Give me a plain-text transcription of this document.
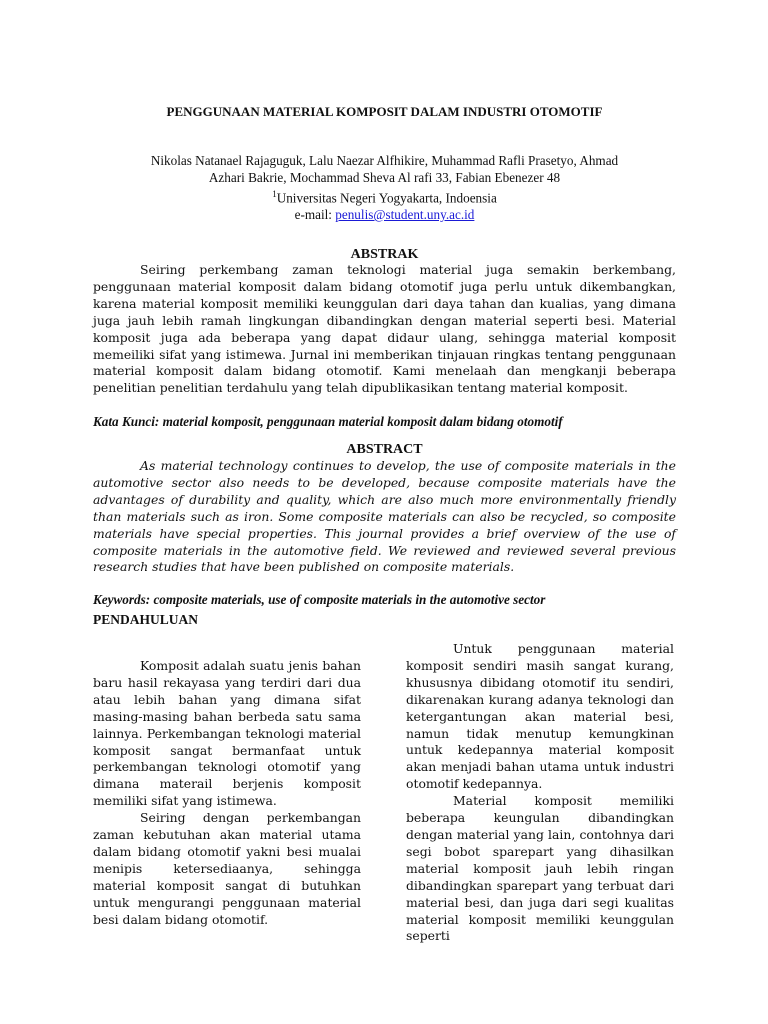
PENGGUNAAN MATERIAL KOMPOSIT DALAM INDUSTRI OTOMOTIF
Nikolas Natanael Rajaguguk, Lalu Naezar Alfhikire, Muhammad Rafli Prasetyo, Ahmad
Azhari Bakrie, Mochammad Sheva Al rafi 33, Fabian Ebenezer 48
$^1$Universitas Negeri Yogyakarta, Indoensia
e-mail: penulis@student.uny.ac.id
ABSTRAK

Seiring perkembang zaman teknologi material juga semakin berkembang, penggunaan material komposit dalam bidang otomotif juga perlu untuk dikembangkan, karena material komposit memiliki keunggulan dari daya tahan dan kualias, yang dimana juga jauh lebih ramah lingkungan dibandingkan dengan material seperti besi. Material komposit juga ada beberapa yang dapat didaur ulang, sehingga material komposit memeiliki sifat yang istimewa. Jurnal ini memberikan tinjauan ringkas tentang penggunaan material komposit dalam bidang otomotif. Kami menelaah dan mengkanji beberapa penelitian penelitian terdahulu yang telah dipublikasikan tentang material komposit.

Kata Kunci: material komposit, penggunaan material komposit dalam bidang otomotif
ABSTRACT

As material technology continues to develop, the use of composite materials in the automotive sector also needs to be developed, because composite materials have the advantages of durability and quality, which are also much more environmentally friendly than materials such as iron. Some composite materials can also be recycled, so composite materials have special properties. This journal provides a brief overview of the use of composite materials in the automotive field. We reviewed and reviewed several previous research studies that have been published on composite materials.

Keywords: composite materials, use of composite materials in the automotive sector
PENDAHULUAN

Komposit adalah suatu jenis bahan baru hasil rekayasa yang terdiri dari dua atau lebih bahan yang dimana sifat masing-masing bahan berbeda satu sama lainnya. Perkembangan teknologi material komposit sangat bermanfaat untuk perkembangan teknologi otomotif yang dimana materail berjenis komposit memiliki sifat yang istimewa.

Seiring dengan perkembangan zaman kebutuhan akan material utama dalam bidang otomotif yakni besi mualai menipis ketersediaanya, sehingga material komposit sangat di butuhkan untuk mengurangi penggunaan material besi dalam bidang otomotif.

Untuk penggunaan material komposit sendiri masih sangat kurang, khususnya dibidang otomotif itu sendiri, dikarenakan kurang adanya teknologi dan ketergantungan akan material besi, namun tidak menutup kemungkinan untuk kedepannya material komposit akan menjadi bahan utama untuk industri otomotif kedepannya.

Material komposit memiliki beberapa keungulan dibandingkan dengan material yang lain, contohnya dari segi bobot sparepart yang dihasilkan material komposit jauh lebih ringan dibandingkan sparepart yang terbuat dari material besi, dan juga dari segi kualitas material komposit memiliki keunggulan seperti
